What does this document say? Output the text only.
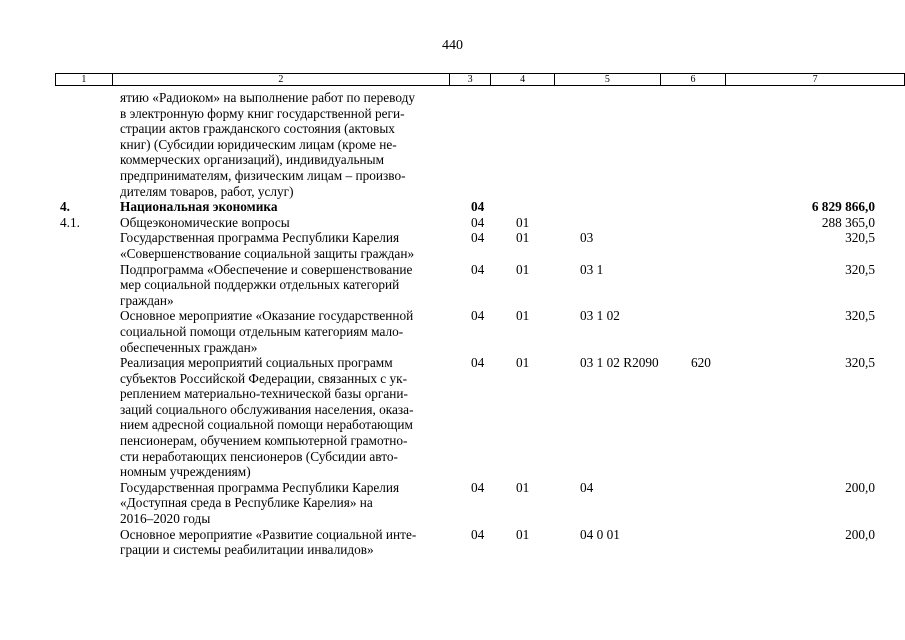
440
1	2	3	4	5	6	7
ятию «Радиоком» на выполнение работ по переводу
в электронную форму книг государственной реги-
страции актов гражданского состояния (актовых
книг) (Субсидии юридическим лицам (кроме не-
коммерческих организаций), индивидуальным
предпринимателям, физическим лицам – произво-
дителям товаров, работ, услуг)
4.	Национальная экономика	04	6 829 866,0
4.1.	Общеэкономические вопросы	04 01	288 365,0
Государственная программа Республики Карелия
«Совершенствование социальной защиты граждан»
04 01	03	320,5
Подпрограмма «Обеспечение и совершенствование
мер социальной поддержки отдельных категорий
граждан»
04 01	03 1	320,5
Основное мероприятие «Оказание государственной
социальной помощи отдельным категориям мало-
обеспеченных граждан»
04 01	03 1 02	320,5
Реализация мероприятий социальных программ
субъектов Российской Федерации, связанных с ук-
реплением материально-технической базы органи-
заций социального обслуживания населения, оказа-
нием адресной социальной помощи неработающим
пенсионерам, обучением компьютерной грамотно-
сти неработающих пенсионеров (Субсидии авто-
номным учреждениям)
04 01	03 1 02 R2090 620	320,5
Государственная программа Республики Карелия
«Доступная среда в Республике Карелия» на
2016–2020 годы
04 01	04	200,0
Основное мероприятие «Развитие социальной инте-
грации и системы реабилитации инвалидов»
04 01	04 0 01	200,0
